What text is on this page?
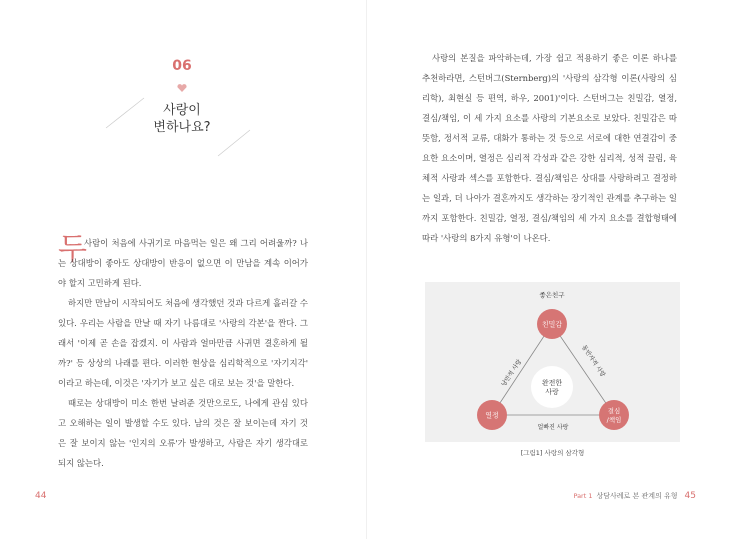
06
사랑이
변하나요?
두

사람이 처음에 사귀기로 마음먹는 일은 왜 그리 어려울까? 나는 상대방이 좋아도 상대방이 반응이 없으면 이 만남을 계속 이어가야 할지 고민하게 된다.

하지만 만남이 시작되어도 처음에 생각했던 것과 다르게 흘러갈 수 있다. 우리는 사람을 만날 때 자기 나름대로 '사랑의 각본'을 짠다. 그래서 '이제 곧 손을 잡겠지. 이 사람과 얼마만큼 사귀면 결혼하게 될까?' 등 상상의 나래를 편다. 이러한 현상을 심리학적으로 '자기지각' 이라고 하는데, 이것은 '자기가 보고 싶은 대로 보는 것'을 말한다.

때로는 상대방이 미소 한번 날려준 것만으로도, 나에게 관심 있다고 오해하는 일이 발생할 수도 있다. 남의 것은 잘 보이는데 자기 것은 잘 보이지 않는 '인지의 오류'가 발생하고, 사람은 자기 생각대로 되지 않는다.

44

사랑의 본질을 파악하는데, 가장 쉽고 적용하기 좋은 이론 하나를 추천하라면, 스턴버그(Sternberg)의 '사랑의 삼각형 이론(사랑의 심리학), 최현실 등 편역, 하우, 2001)'이다. 스턴버그는 친밀감, 열정, 결심/책임, 이 세 가지 요소를 사랑의 기본요소로 보았다. 친밀감은 따뜻함, 정서적 교류, 대화가 통하는 것 등으로 서로에 대한 연결감이 중요한 요소이며, 열정은 심리적 각성과 같은 강한 심리적, 성적 끌림, 육체적 사랑과 섹스를 포함한다. 결심/책임은 상대를 사랑하려고 결정하는 일과, 더 나아가 결혼까지도 생각하는 장기적인 관계를 추구하는 일까지 포함한다. 친밀감, 열정, 결심/책임의 세 가지 요소를 결합형태에 따라 '사랑의 8가지 유형'이 나온다.

좋은친구
친밀감
열정
결심
/책임
완전한
사랑
낭만적 사랑	동반자적 사랑
얼빠진 사랑
[그림1] 사랑의 삼각형
Part 1 상담사례로 본 관계의 유형 45
